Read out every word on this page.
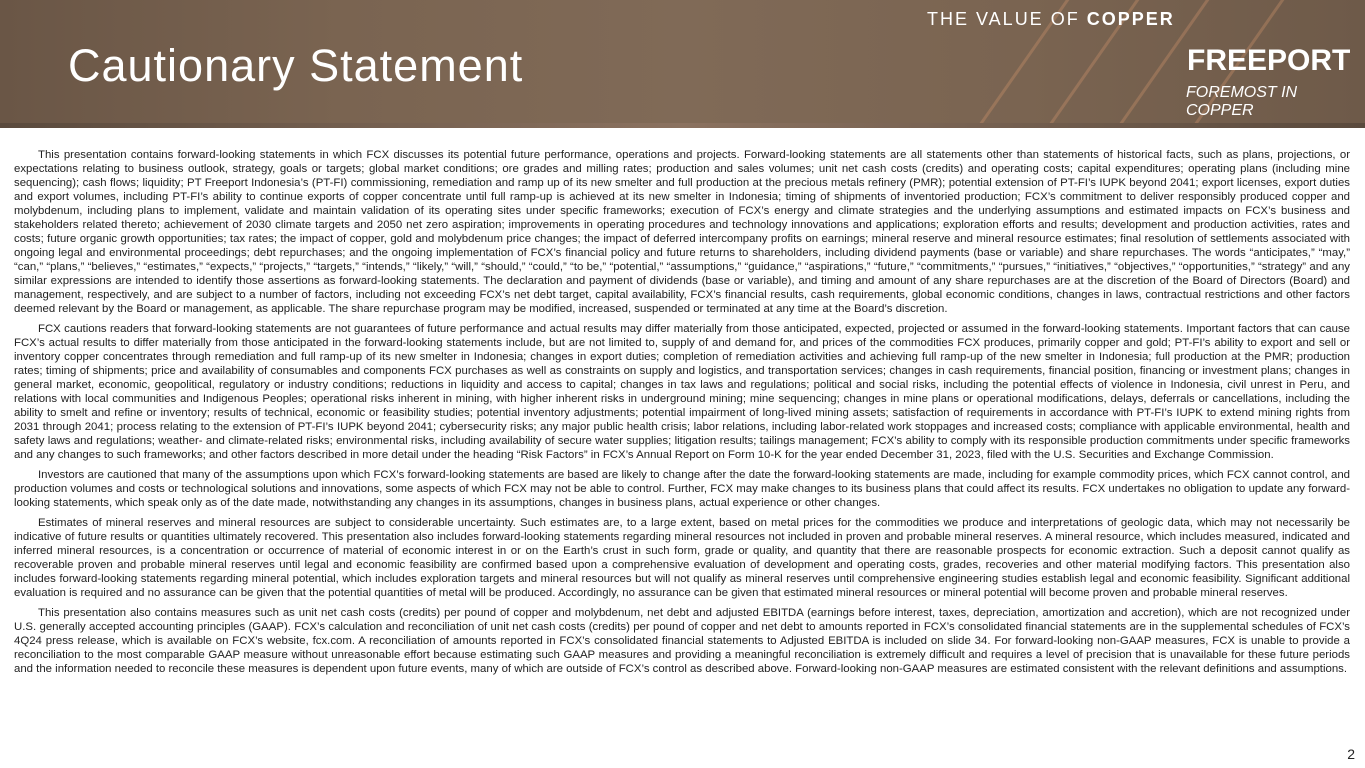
THE VALUE OF COPPER
Cautionary Statement	FREEPORT
FOREMOST IN COPPER

This presentation contains forward-looking statements in which FCX discusses its potential future performance, operations and projects. Forward-looking statements are all statements other than statements of historical facts, such as plans, projections, or expectations relating to business outlook, strategy, goals or targets; global market conditions; ore grades and milling rates; production and sales volumes; unit net cash costs (credits) and operating costs; capital expenditures; operating plans (including mine sequencing); cash flows; liquidity; PT Freeport Indonesia’s (PT-FI) commissioning, remediation and ramp up of its new smelter and full production at the precious metals refinery (PMR); potential extension of PT-FI’s IUPK beyond 2041; export licenses, export duties and export volumes, including PT-FI’s ability to continue exports of copper concentrate until full ramp-up is achieved at its new smelter in Indonesia; timing of shipments of inventoried production; FCX’s commitment to deliver responsibly produced copper and molybdenum, including plans to implement, validate and maintain validation of its operating sites under specific frameworks; execution of FCX’s energy and climate strategies and the underlying assumptions and estimated impacts on FCX’s business and stakeholders related thereto; achievement of 2030 climate targets and 2050 net zero aspiration; improvements in operating procedures and technology innovations and applications; exploration efforts and results; development and production activities, rates and costs; future organic growth opportunities; tax rates; the impact of copper, gold and molybdenum price changes; the impact of deferred intercompany profits on earnings; mineral reserve and mineral resource estimates; final resolution of settlements associated with ongoing legal and environmental proceedings; debt repurchases; and the ongoing implementation of FCX’s financial policy and future returns to shareholders, including dividend payments (base or variable) and share repurchases. The words “anticipates,” “may,” “can,” “plans,” “believes,” “estimates,” “expects,” “projects,” “targets,” “intends,” “likely,” “will,” “should,” “could,” “to be,” “potential,” “assumptions,” “guidance,” “aspirations,” “future,” “commitments,” “pursues,” “initiatives,” “objectives,” “opportunities,” “strategy” and any similar expressions are intended to identify those assertions as forward-looking statements. The declaration and payment of dividends (base or variable), and timing and amount of any share repurchases are at the discretion of the Board of Directors (Board) and management, respectively, and are subject to a number of factors, including not exceeding FCX’s net debt target, capital availability, FCX’s financial results, cash requirements, global economic conditions, changes in laws, contractual restrictions and other factors deemed relevant by the Board or management, as applicable. The share repurchase program may be modified, increased, suspended or terminated at any time at the Board’s discretion.

FCX cautions readers that forward-looking statements are not guarantees of future performance and actual results may differ materially from those anticipated, expected, projected or assumed in the forward-looking statements. Important factors that can cause FCX’s actual results to differ materially from those anticipated in the forward-looking statements include, but are not limited to, supply of and demand for, and prices of the commodities FCX produces, primarily copper and gold; PT-FI’s ability to export and sell or inventory copper concentrates through remediation and full ramp-up of its new smelter in Indonesia; changes in export duties; completion of remediation activities and achieving full ramp-up of the new smelter in Indonesia; full production at the PMR; production rates; timing of shipments; price and availability of consumables and components FCX purchases as well as constraints on supply and logistics, and transportation services; changes in cash requirements, financial position, financing or investment plans; changes in general market, economic, geopolitical, regulatory or industry conditions; reductions in liquidity and access to capital; changes in tax laws and regulations; political and social risks, including the potential effects of violence in Indonesia, civil unrest in Peru, and relations with local communities and Indigenous Peoples; operational risks inherent in mining, with higher inherent risks in underground mining; mine sequencing; changes in mine plans or operational modifications, delays, deferrals or cancellations, including the ability to smelt and refine or inventory; results of technical, economic or feasibility studies; potential inventory adjustments; potential impairment of long-lived mining assets; satisfaction of requirements in accordance with PT-FI’s IUPK to extend mining rights from 2031 through 2041; process relating to the extension of PT-FI’s IUPK beyond 2041; cybersecurity risks; any major public health crisis; labor relations, including labor-related work stoppages and increased costs; compliance with applicable environmental, health and safety laws and regulations; weather- and climate-related risks; environmental risks, including availability of secure water supplies; litigation results; tailings management; FCX’s ability to comply with its responsible production commitments under specific frameworks and any changes to such frameworks; and other factors described in more detail under the heading “Risk Factors” in FCX’s Annual Report on Form 10-K for the year ended December 31, 2023, filed with the U.S. Securities and Exchange Commission.

Investors are cautioned that many of the assumptions upon which FCX’s forward-looking statements are based are likely to change after the date the forward-looking statements are made, including for example commodity prices, which FCX cannot control, and production volumes and costs or technological solutions and innovations, some aspects of which FCX may not be able to control. Further, FCX may make changes to its business plans that could affect its results. FCX undertakes no obligation to update any forward-looking statements, which speak only as of the date made, notwithstanding any changes in its assumptions, changes in business plans, actual experience or other changes.

Estimates of mineral reserves and mineral resources are subject to considerable uncertainty. Such estimates are, to a large extent, based on metal prices for the commodities we produce and interpretations of geologic data, which may not necessarily be indicative of future results or quantities ultimately recovered. This presentation also includes forward-looking statements regarding mineral resources not included in proven and probable mineral reserves. A mineral resource, which includes measured, indicated and inferred mineral resources, is a concentration or occurrence of material of economic interest in or on the Earth’s crust in such form, grade or quality, and quantity that there are reasonable prospects for economic extraction. Such a deposit cannot qualify as recoverable proven and probable mineral reserves until legal and economic feasibility are confirmed based upon a comprehensive evaluation of development and operating costs, grades, recoveries and other material modifying factors. This presentation also includes forward-looking statements regarding mineral potential, which includes exploration targets and mineral resources but will not qualify as mineral reserves until comprehensive engineering studies establish legal and economic feasibility. Significant additional evaluation is required and no assurance can be given that the potential quantities of metal will be produced. Accordingly, no assurance can be given that estimated mineral resources or mineral potential will become proven and probable mineral reserves.

This presentation also contains measures such as unit net cash costs (credits) per pound of copper and molybdenum, net debt and adjusted EBITDA (earnings before interest, taxes, depreciation, amortization and accretion), which are not recognized under U.S. generally accepted accounting principles (GAAP). FCX’s calculation and reconciliation of unit net cash costs (credits) per pound of copper and net debt to amounts reported in FCX’s consolidated financial statements are in the supplemental schedules of FCX’s 4Q24 press release, which is available on FCX’s website, fcx.com. A reconciliation of amounts reported in FCX’s consolidated financial statements to Adjusted EBITDA is included on slide 34. For forward-looking non-GAAP measures, FCX is unable to provide a reconciliation to the most comparable GAAP measure without unreasonable effort because estimating such GAAP measures and providing a meaningful reconciliation is extremely difficult and requires a level of precision that is unavailable for these future periods and the information needed to reconcile these measures is dependent upon future events, many of which are outside of FCX’s control as described above. Forward-looking non-GAAP measures are estimated consistent with the relevant definitions and assumptions.

2
